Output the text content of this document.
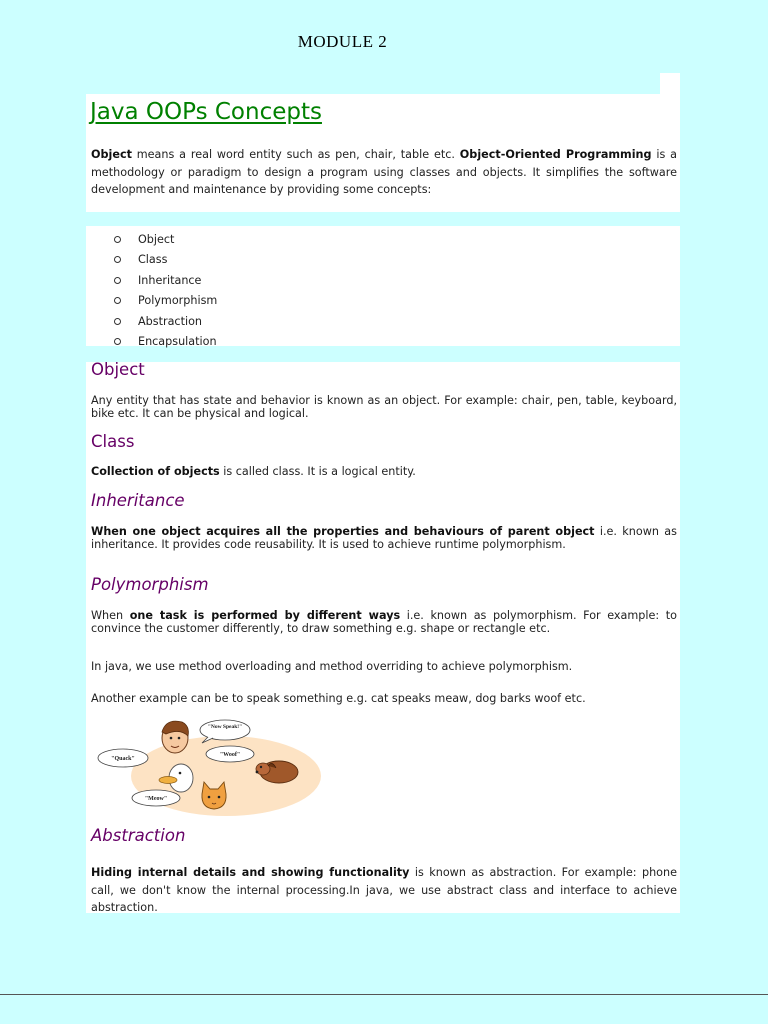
MODULE 2
Java OOPs Concepts

Object means a real word entity such as pen, chair, table etc. Object-Oriented Programming is a methodology or paradigm to design a program using classes and objects. It simplifies the software development and maintenance by providing some concepts:

Object
Class
Inheritance
Polymorphism
Abstraction
Encapsulation
Object

Any entity that has state and behavior is known as an object. For example: chair, pen, table, keyboard, bike etc. It can be physical and logical.

Class

Collection of objects is called class. It is a logical entity.

Inheritance

When one object acquires all the properties and behaviours of parent object i.e. known as inheritance. It provides code reusability. It is used to achieve runtime polymorphism.

Polymorphism

When one task is performed by different ways i.e. known as polymorphism. For example: to convince the customer differently, to draw something e.g. shape or rectangle etc.

In java, we use method overloading and method overriding to achieve polymorphism.

Another example can be to speak something e.g. cat speaks meaw, dog barks woof etc.

"Now Speak!"
"Woof"
"Quack"
"Meow"
Abstraction

Hiding internal details and showing functionality is known as abstraction. For example: phone call, we don't know the internal processing.In java, we use abstract class and interface to achieve abstraction.
